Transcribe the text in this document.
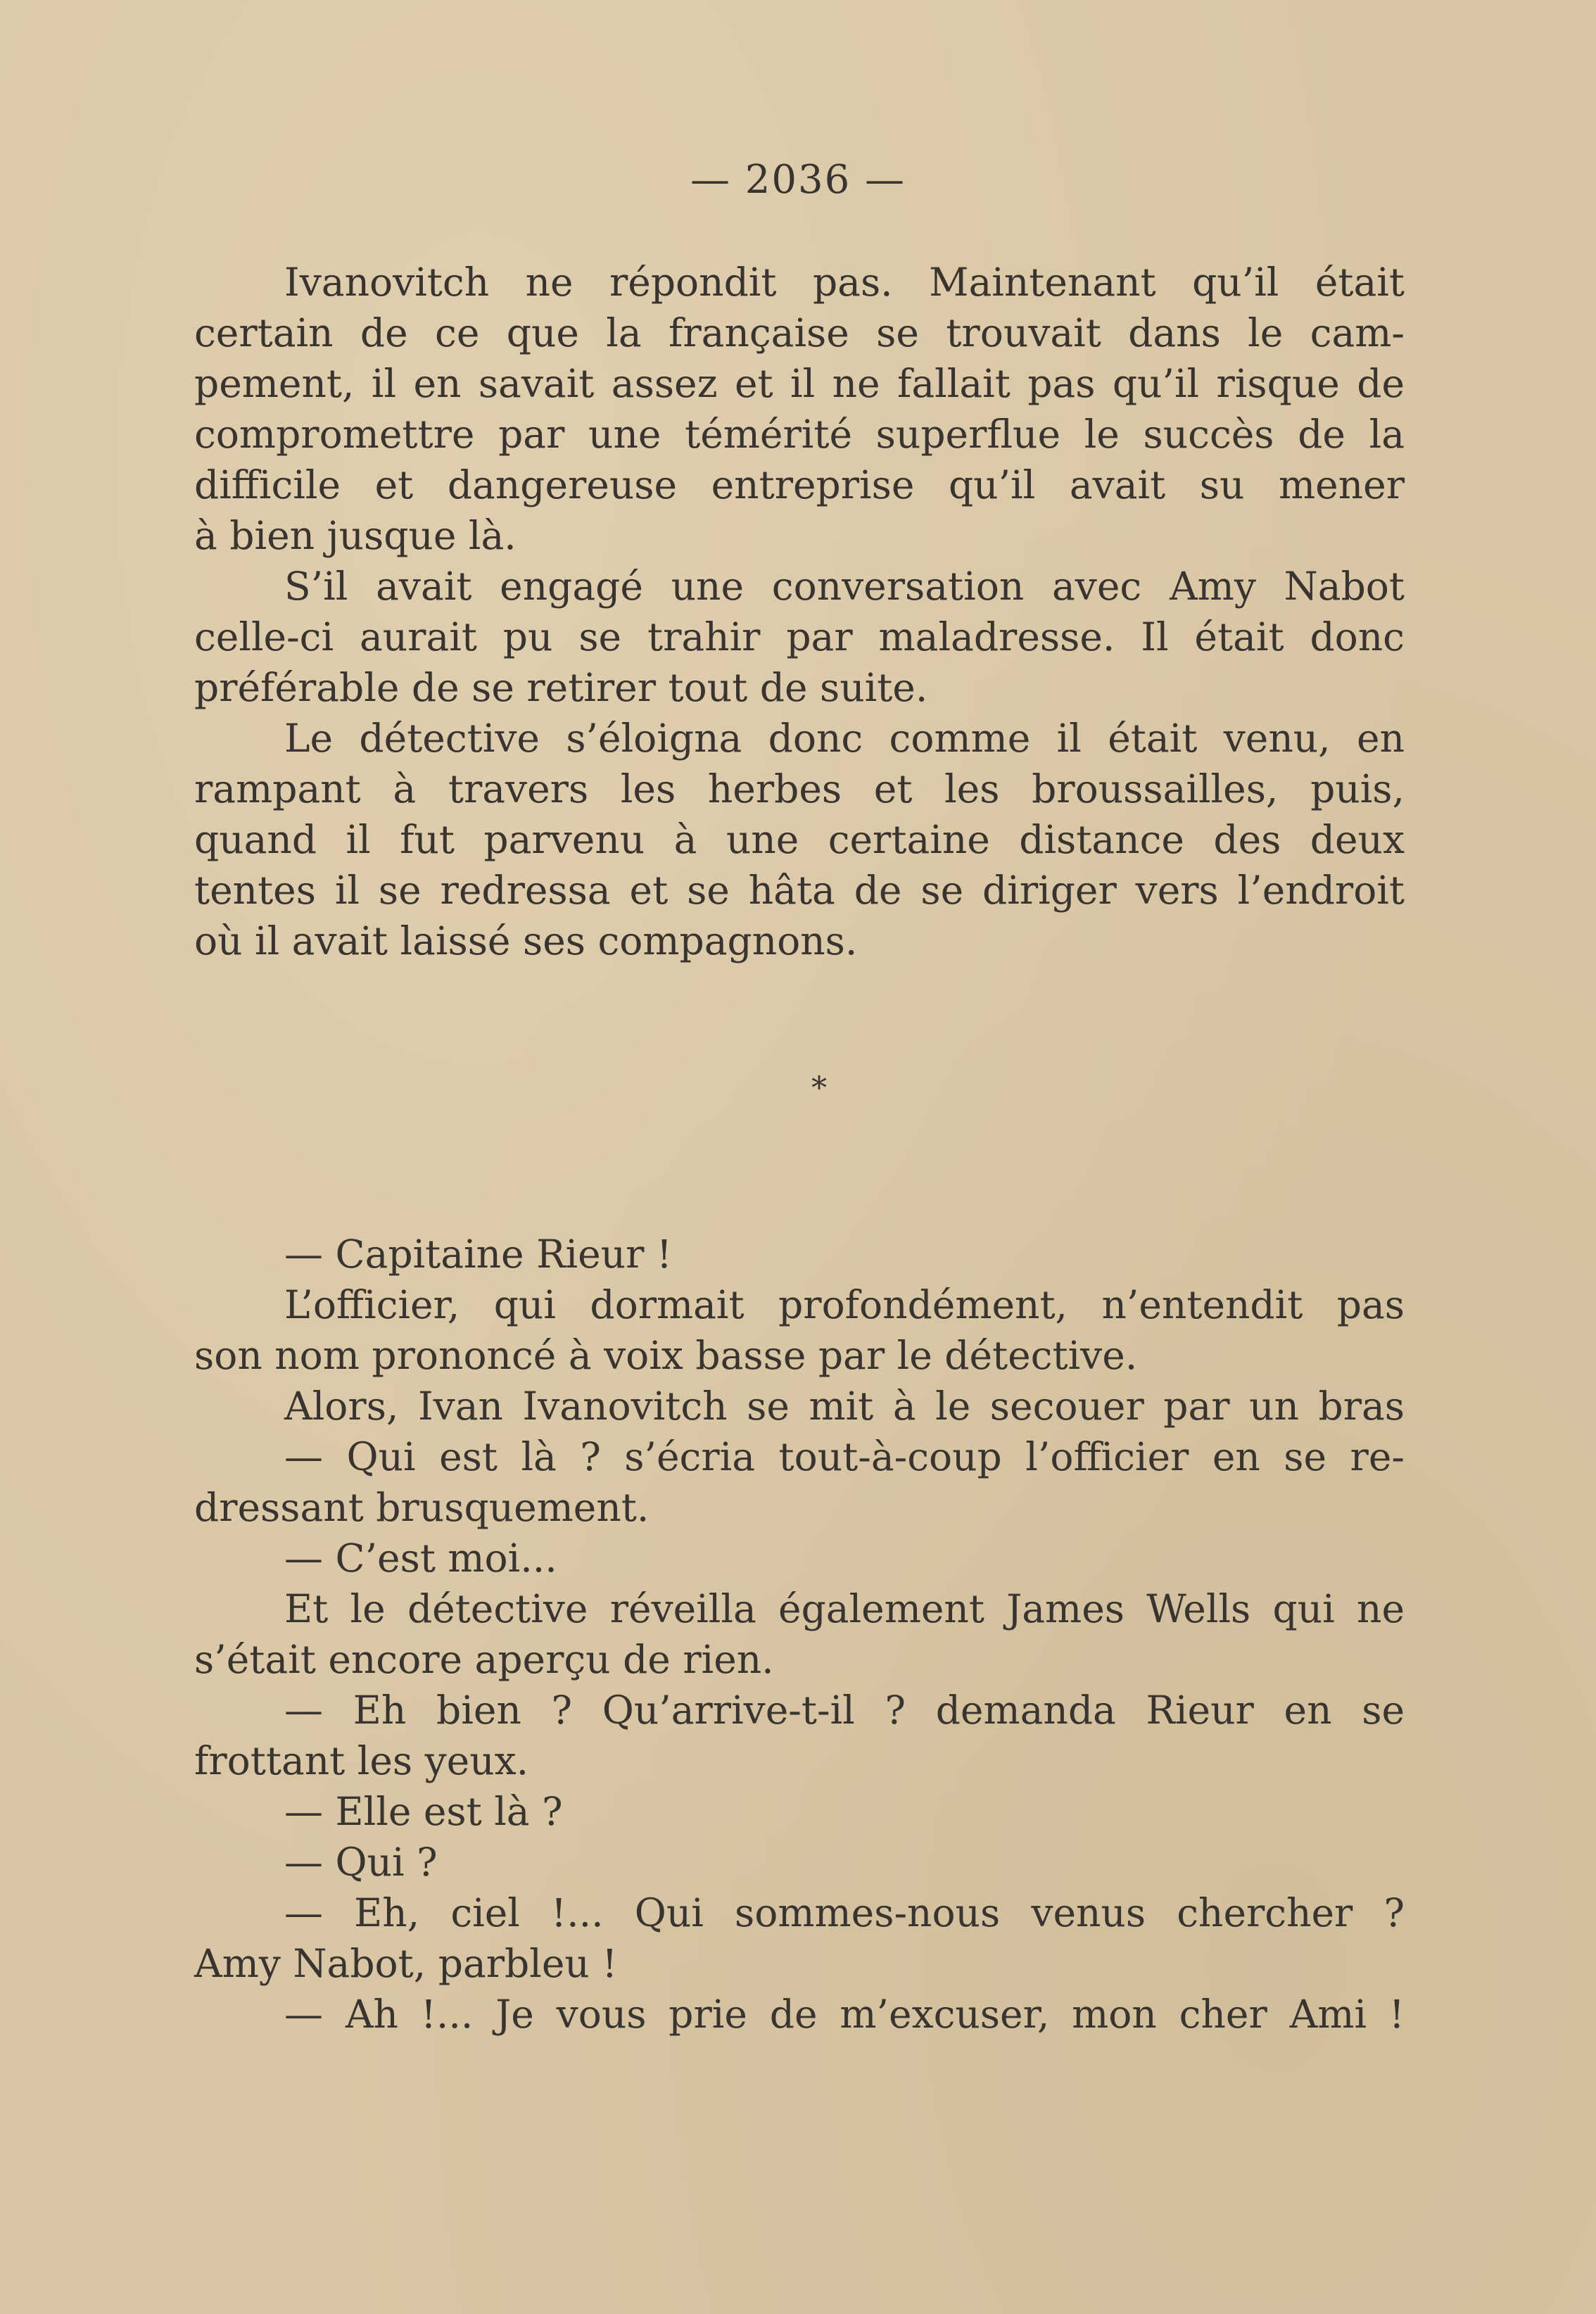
— 2036 —
Ivanovitch ne répondit pas. Maintenant qu’il était
certain de ce que la française se trouvait dans le cam-
pement, il en savait assez et il ne fallait pas qu’il risque de
compromettre par une témérité superflue le succès de la
difficile et dangereuse entreprise qu’il avait su mener
à bien jusque là.
S’il avait engagé une conversation avec Amy Nabot
celle-ci aurait pu se trahir par maladresse. Il était donc
préférable de se retirer tout de suite.
Le détective s’éloigna donc comme il était venu, en
rampant à travers les herbes et les broussailles, puis,
quand il fut parvenu à une certaine distance des deux
tentes il se redressa et se hâta de se diriger vers l’endroit
où il avait laissé ses compagnons.
*
— Capitaine Rieur !
L’officier, qui dormait profondément, n’entendit pas
son nom prononcé à voix basse par le détective.
Alors, Ivan Ivanovitch se mit à le secouer par un bras
— Qui est là ? s’écria tout-à-coup l’officier en se re-
dressant brusquement.
— C’est moi...
Et le détective réveilla également James Wells qui ne
s’était encore aperçu de rien.
— Eh bien ? Qu’arrive-t-il ? demanda Rieur en se
frottant les yeux.
— Elle est là ?
— Qui ?
— Eh, ciel !... Qui sommes-nous venus chercher ?
Amy Nabot, parbleu !
— Ah !... Je vous prie de m’excuser, mon cher Ami !
